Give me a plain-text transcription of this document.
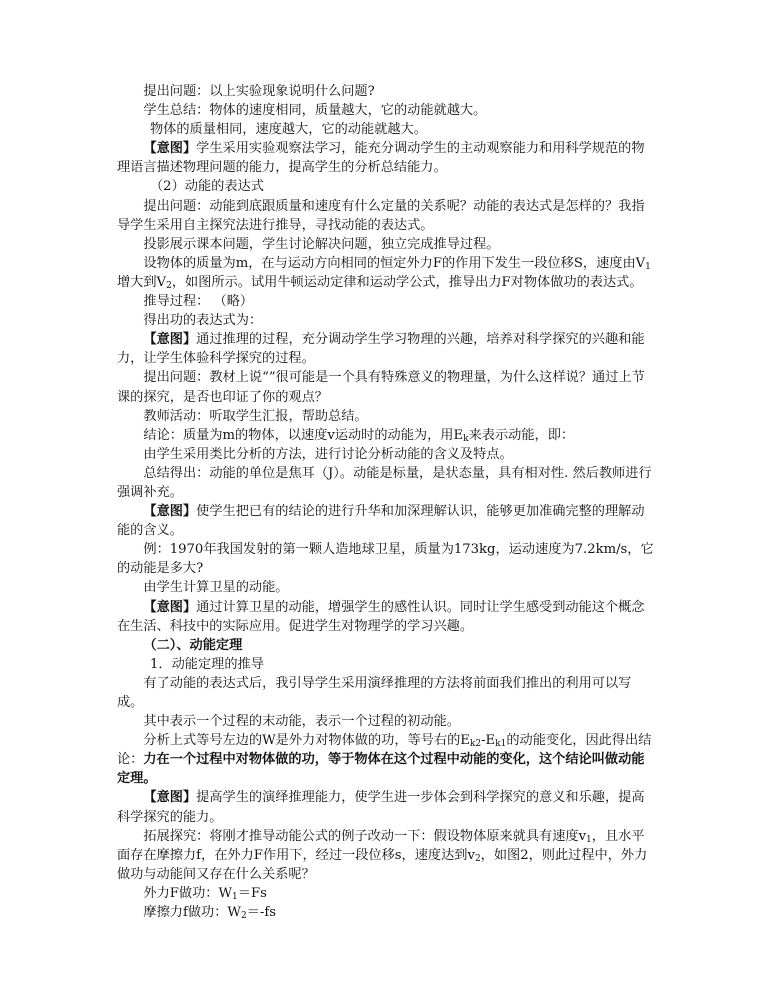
提出问题：以上实验现象说明什么问题?

学生总结：物体的速度相同，质量越大，它的动能就越大。

物体的质量相同，速度越大，它的动能就越大。

【意图】学生采用实验观察法学习，能充分调动学生的主动观察能力和用科学规范的物理语言描述物理问题的能力，提高学生的分析总结能力。

（2）动能的表达式

提出问题：动能到底跟质量和速度有什么定量的关系呢？动能的表达式是怎样的？我指导学生采用自主探究法进行推导，寻找动能的表达式。

投影展示课本问题，学生讨论解决问题，独立完成推导过程。

设物体的质量为m，在与运动方向相同的恒定外力F的作用下发生一段位移S，速度由$V_1$增大到$V_2$，如图所示。试用牛顿运动定律和运动学公式，推导出力F对物体做功的表达式。

推导过程： （略）

得出功的表达式为：

【意图】通过推理的过程，充分调动学生学习物理的兴趣，培养对科学探究的兴趣和能力，让学生体验科学探究的过程。

提出问题：教材上说“”很可能是一个具有特殊意义的物理量，为什么这样说？通过上节课的探究，是否也印证了你的观点？

教师活动：听取学生汇报，帮助总结。

结论：质量为m的物体，以速度v运动时的动能为，用$E_k$来表示动能，即：

由学生采用类比分析的方法，进行讨论分析动能的含义及特点。

总结得出：动能的单位是焦耳（J）。动能是标量，是状态量，具有相对性. 然后教师进行强调补充。

【意图】使学生把已有的结论的进行升华和加深理解认识，能够更加准确完整的理解动能的含义。

例：1970年我国发射的第一颗人造地球卫星，质量为173kg，运动速度为7.2km/s，它的动能是多大?

由学生计算卫星的动能。

【意图】通过计算卫星的动能，增强学生的感性认识。同时让学生感受到动能这个概念在生活、科技中的实际应用。促进学生对物理学的学习兴趣。

（二）、动能定理

1．动能定理的推导

有了动能的表达式后，我引导学生采用演绎推理的方法将前面我们推出的利用可以写成。

其中表示一个过程的末动能，表示一个过程的初动能。

分析上式等号左边的W是外力对物体做的功，等号右的$E_{k2}-E_{k1}$的动能变化，因此得出结论：力在一个过程中对物体做的功，等于物体在这个过程中动能的变化，这个结论叫做动能定理。

【意图】提高学生的演绎推理能力，使学生进一步体会到科学探究的意义和乐趣，提高科学探究的能力。

拓展探究：将刚才推导动能公式的例子改动一下：假设物体原来就具有速度$v_1$，且水平面存在摩擦力f，在外力F作用下，经过一段位移s，速度达到$v_2$，如图2，则此过程中，外力做功与动能间又存在什么关系呢？

外力F做功：$W_1=Fs$

摩擦力f做功：$W_2=-fs$
